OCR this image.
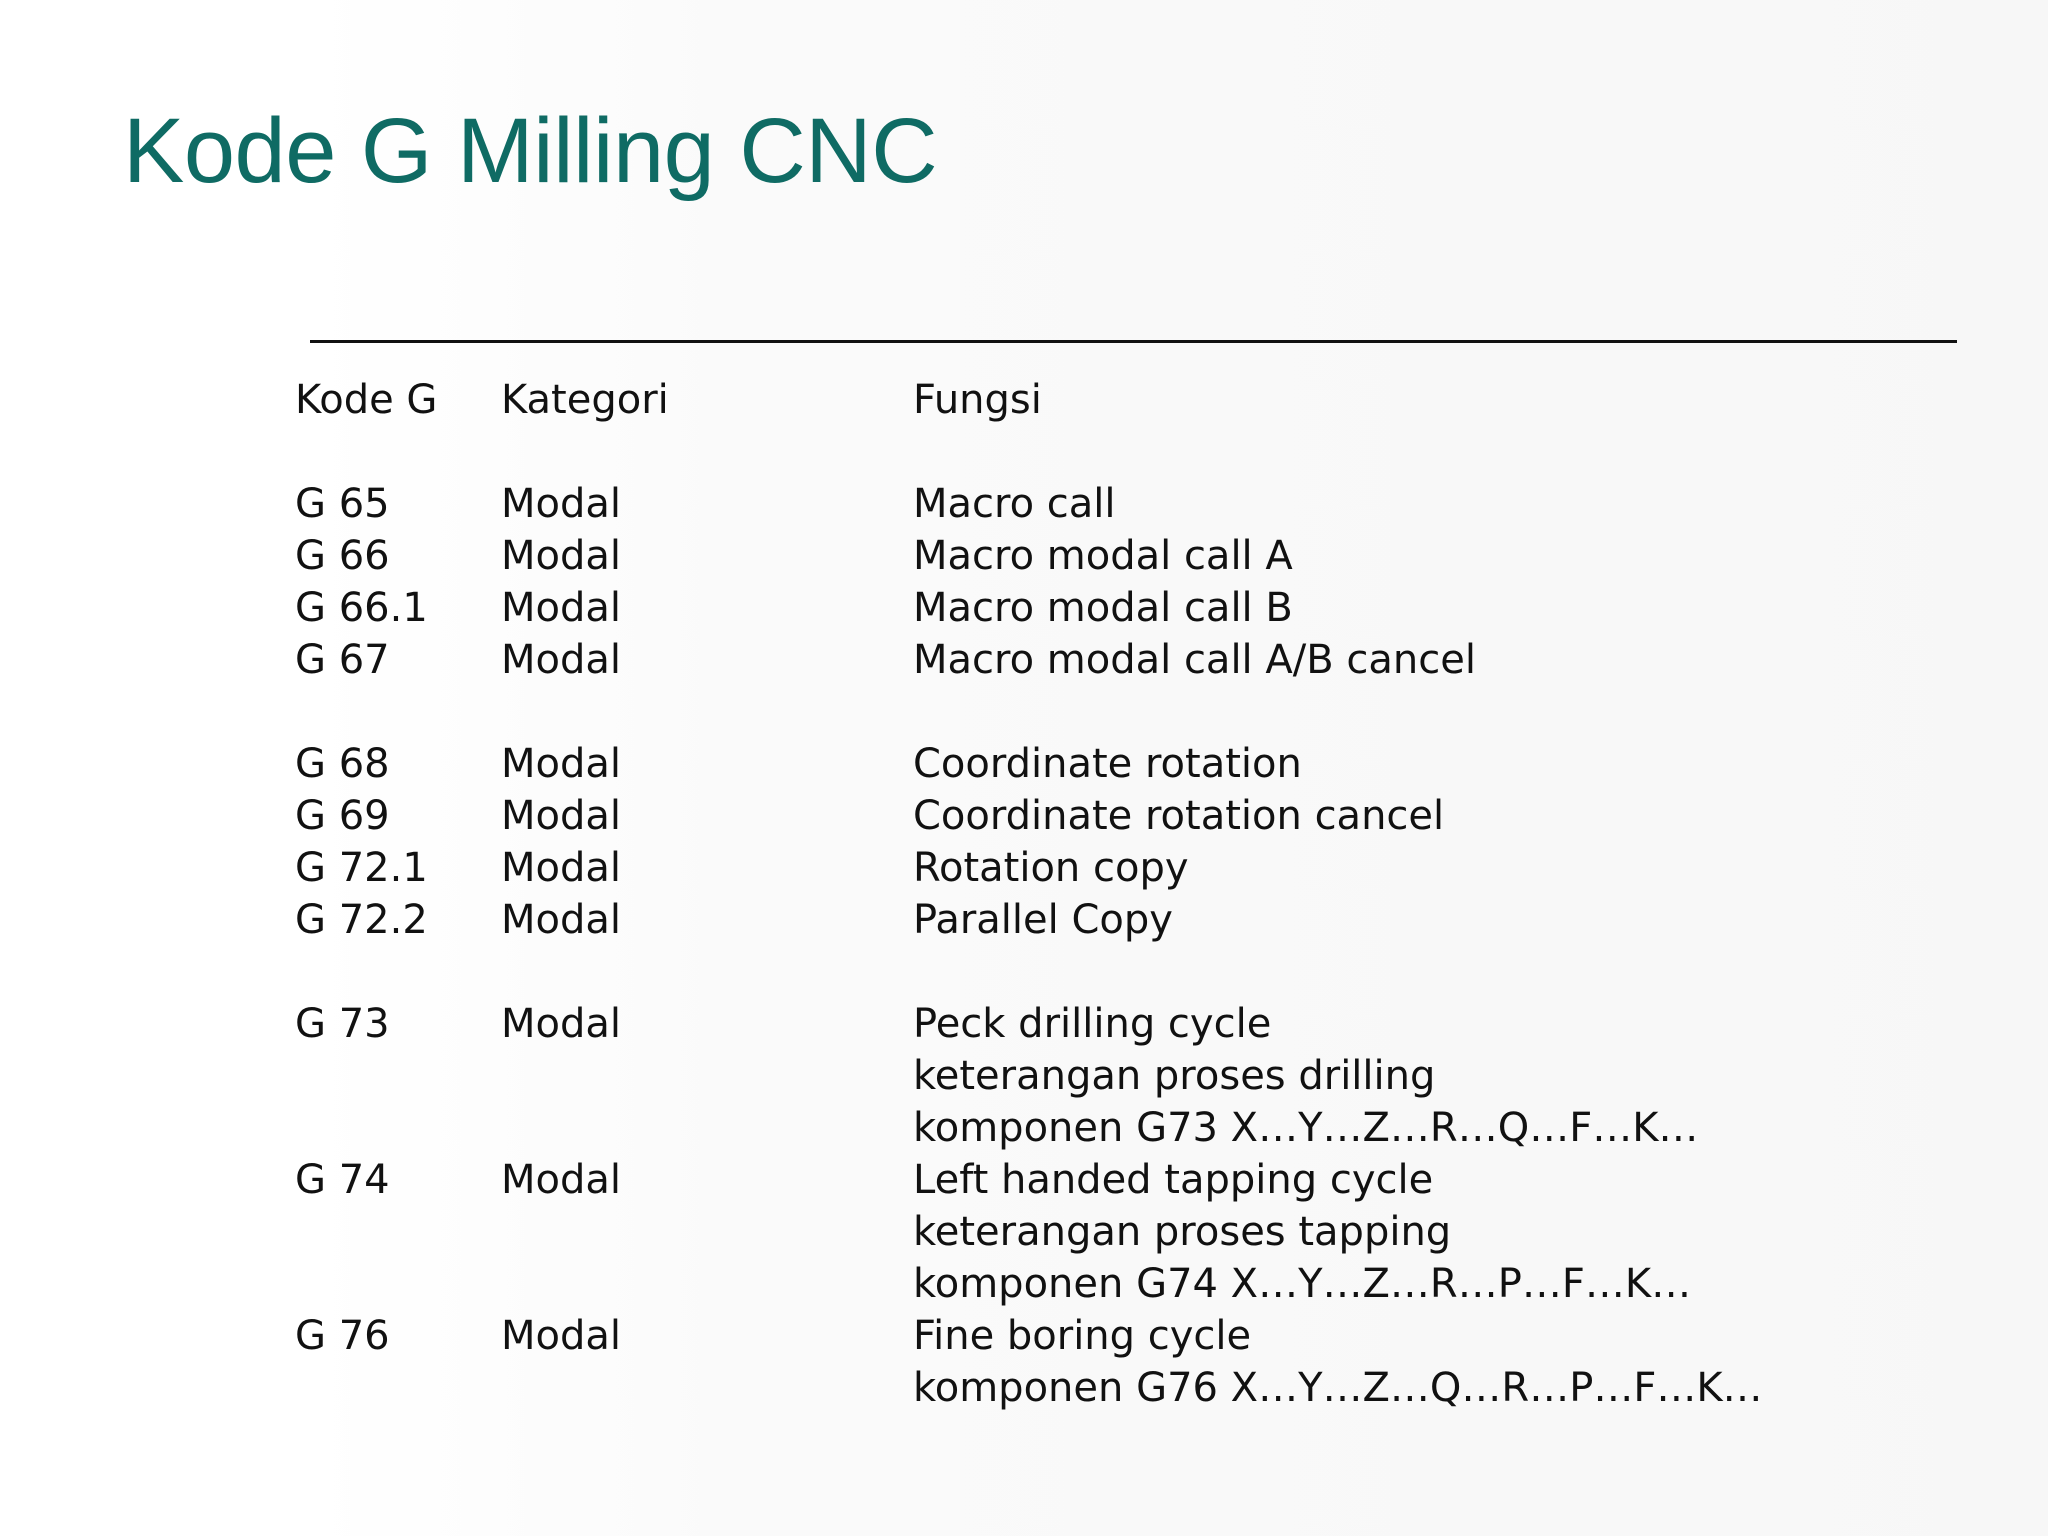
Kode G Milling CNC
Kode G	Kategori	Fungsi
G 65	Modal	Macro call
G 66	Modal	Macro modal call A
G 66.1	Modal	Macro modal call B
G 67	Modal	Macro modal call A/B cancel
G 68	Modal	Coordinate rotation
G 69	Modal	Coordinate rotation cancel
G 72.1	Modal	Rotation copy
G 72.2	Modal	Parallel Copy
G 73	Modal	Peck drilling cycle
keterangan proses drilling
komponen G73 X…Y…Z…R…Q…F…K…
G 74	Modal	Left handed tapping cycle
keterangan proses tapping
komponen G74 X…Y…Z…R…P…F…K…
G 76	Modal	Fine boring cycle
komponen G76 X…Y…Z…Q…R…P…F…K…
